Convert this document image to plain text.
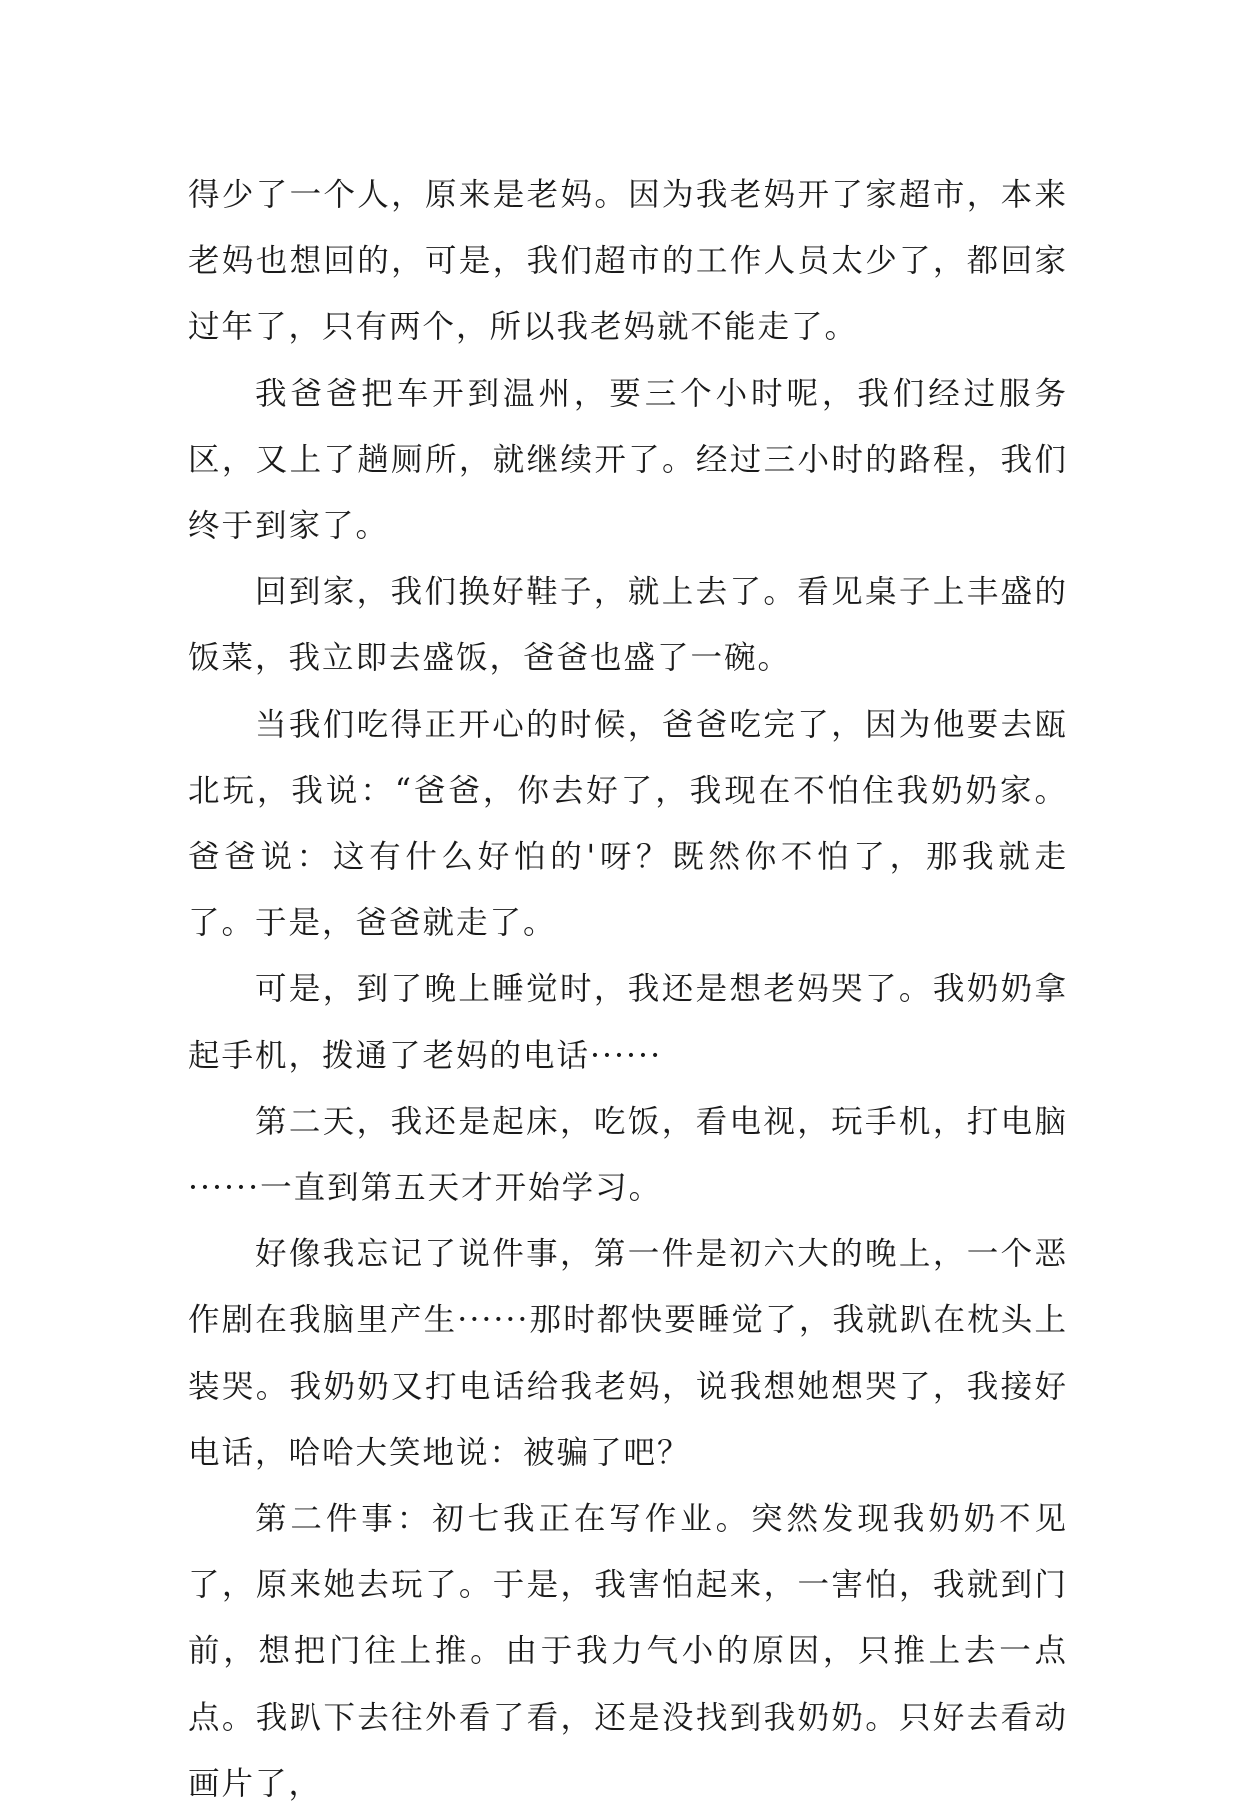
得少了一个人，原来是老妈。因为我老妈开了家超市，本来老妈也想回的，可是，我们超市的工作人员太少了，都回家过年了，只有两个，所以我老妈就不能走了。

我爸爸把车开到温州，要三个小时呢，我们经过服务区，又上了趟厕所，就继续开了。经过三小时的路程，我们终于到家了。

回到家，我们换好鞋子，就上去了。看见桌子上丰盛的饭菜，我立即去盛饭，爸爸也盛了一碗。

当我们吃得正开心的时候，爸爸吃完了，因为他要去瓯北玩，我说：“爸爸，你去好了，我现在不怕住我奶奶家。爸爸说：这有什么好怕的'呀？既然你不怕了，那我就走了。于是，爸爸就走了。

可是，到了晚上睡觉时，我还是想老妈哭了。我奶奶拿起手机，拨通了老妈的电话······

第二天，我还是起床，吃饭，看电视，玩手机，打电脑······一直到第五天才开始学习。

好像我忘记了说件事，第一件是初六大的晚上，一个恶作剧在我脑里产生······那时都快要睡觉了，我就趴在枕头上装哭。我奶奶又打电话给我老妈，说我想她想哭了，我接好电话，哈哈大笑地说：被骗了吧？

第二件事：初七我正在写作业。突然发现我奶奶不见了，原来她去玩了。于是，我害怕起来，一害怕，我就到门前，想把门往上推。由于我力气小的原因，只推上去一点点。我趴下去往外看了看，还是没找到我奶奶。只好去看动画片了，
